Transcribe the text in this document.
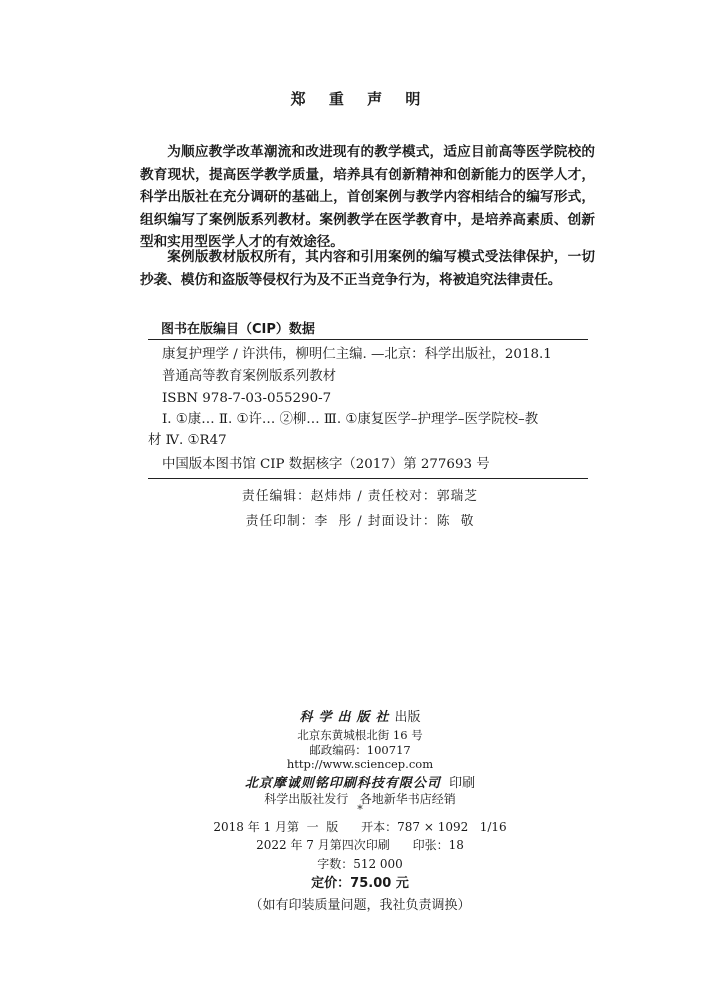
郑 重 声 明
为顺应教学改革潮流和改进现有的教学模式，适应目前高等医学院校的教育现状，提高医学教学质量，培养具有创新精神和创新能力的医学人才，科学出版社在充分调研的基础上，首创案例与教学内容相结合的编写形式，组织编写了案例版系列教材。案例教学在医学教育中，是培养高素质、创新型和实用型医学人才的有效途径。
案例版教材版权所有，其内容和引用案例的编写模式受法律保护，一切抄袭、模仿和盗版等侵权行为及不正当竞争行为，将被追究法律责任。
图书在版编目（CIP）数据
康复护理学 / 许洪伟，柳明仁主编. —北京：科学出版社，2018.1
普通高等教育案例版系列教材
ISBN 978-7-03-055290-7
Ⅰ. ①康… Ⅱ. ①许… ②柳… Ⅲ. ①康复医学–护理学–医学院校–教
材 Ⅳ. ①R47
中国版本图书馆 CIP 数据核字（2017）第 277693 号
责任编辑：赵炜炜 / 责任校对：郭瑞芝
责任印制：李  彤 / 封面设计：陈  敬
科学出版社出版
北京东黄城根北街 16 号
邮政编码：100717
http://www.sciencep.com
北京摩诚则铭印刷科技有限公司 印刷
科学出版社发行   各地新华书店经销
*
2018 年 1 月第  一  版      开本：787 × 1092   1/16
2022 年 7 月第四次印刷      印张：18
字数：512 000
定价：75.00 元
（如有印装质量问题，我社负责调换）
